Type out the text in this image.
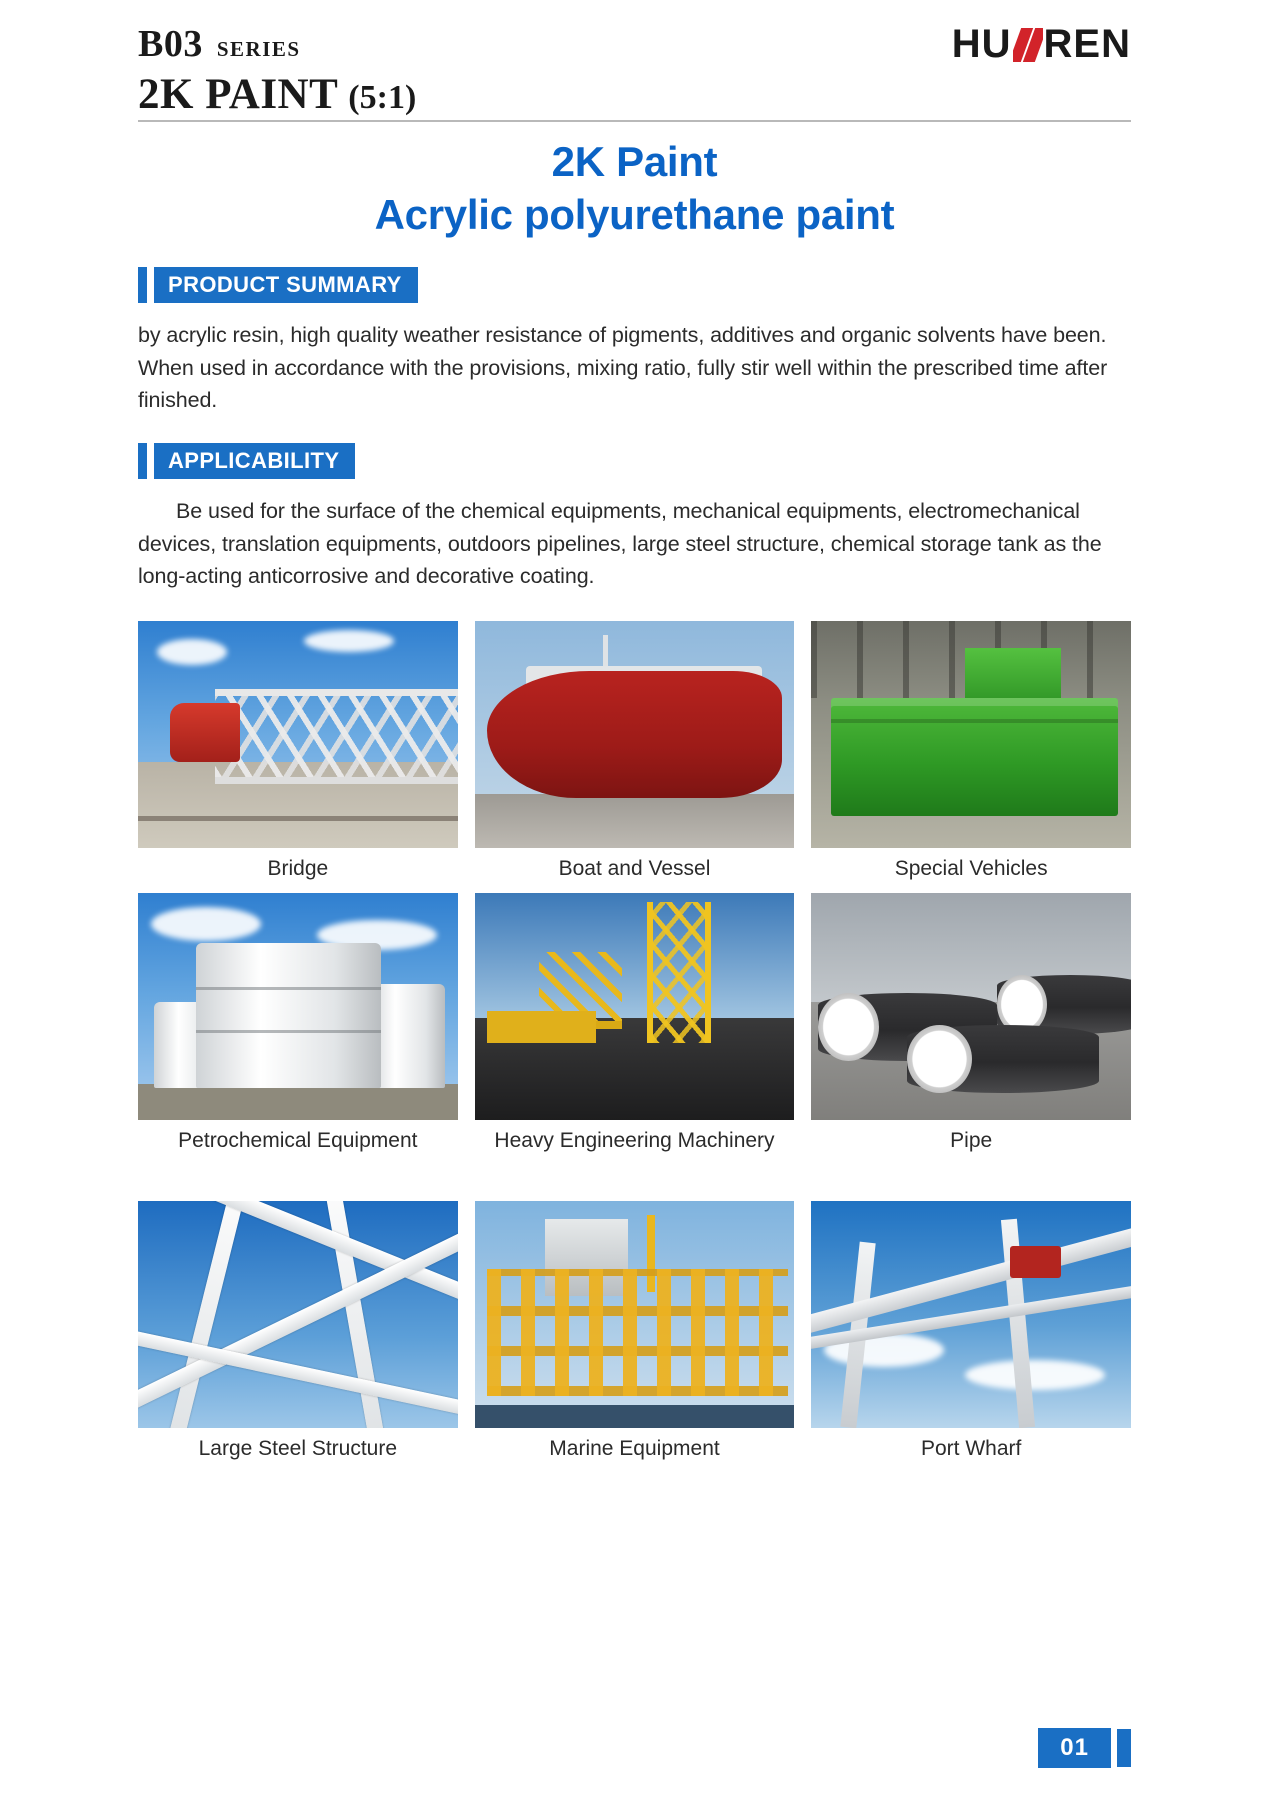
B03 SERIES
2K PAINT (5:1)
HU REN
2K Paint
Acrylic polyurethane paint
PRODUCT SUMMARY
by acrylic resin, high quality weather resistance of pigments, additives and organic solvents have been. When used in accordance with the provisions, mixing ratio, fully stir well within the prescribed time after finished.
APPLICABILITY
Be used for the surface of the chemical equipments, mechanical equipments, electromechanical devices, translation equipments, outdoors pipelines, large steel structure, chemical storage tank as the long-acting anticorrosive and decorative coating.
Bridge	Boat and Vessel	Special Vehicles
Petrochemical Equipment	Heavy Engineering Machinery	Pipe
Large Steel Structure	Marine Equipment	Port Wharf
01
